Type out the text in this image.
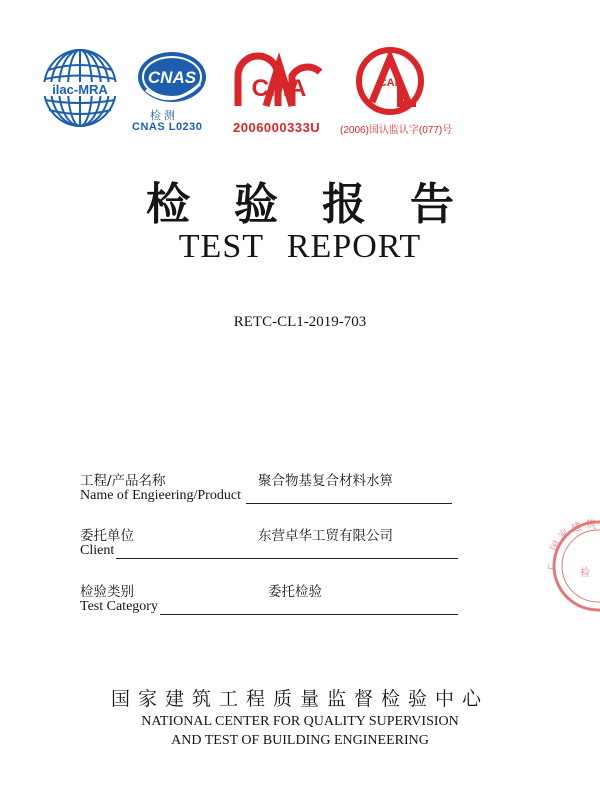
ilac-MRA
CNAS
检 测
CNAS L0230
CMA
2006000333U
CAL
(2006)国认监认字(077)号
检验报告
TEST REPORT
RETC-CL1-2019-703
工程/产品名称	聚合物基复合材料水箅
Name of Engieering/Product
委托单位	东营卓华工贸有限公司
Client
检验类别	委托检验
Test Category
国
家
建 筑
工 检
国家建筑工程质量监督检验中心
NATIONAL CENTER FOR QUALITY SUPERVISION
AND TEST OF BUILDING ENGINEERING
